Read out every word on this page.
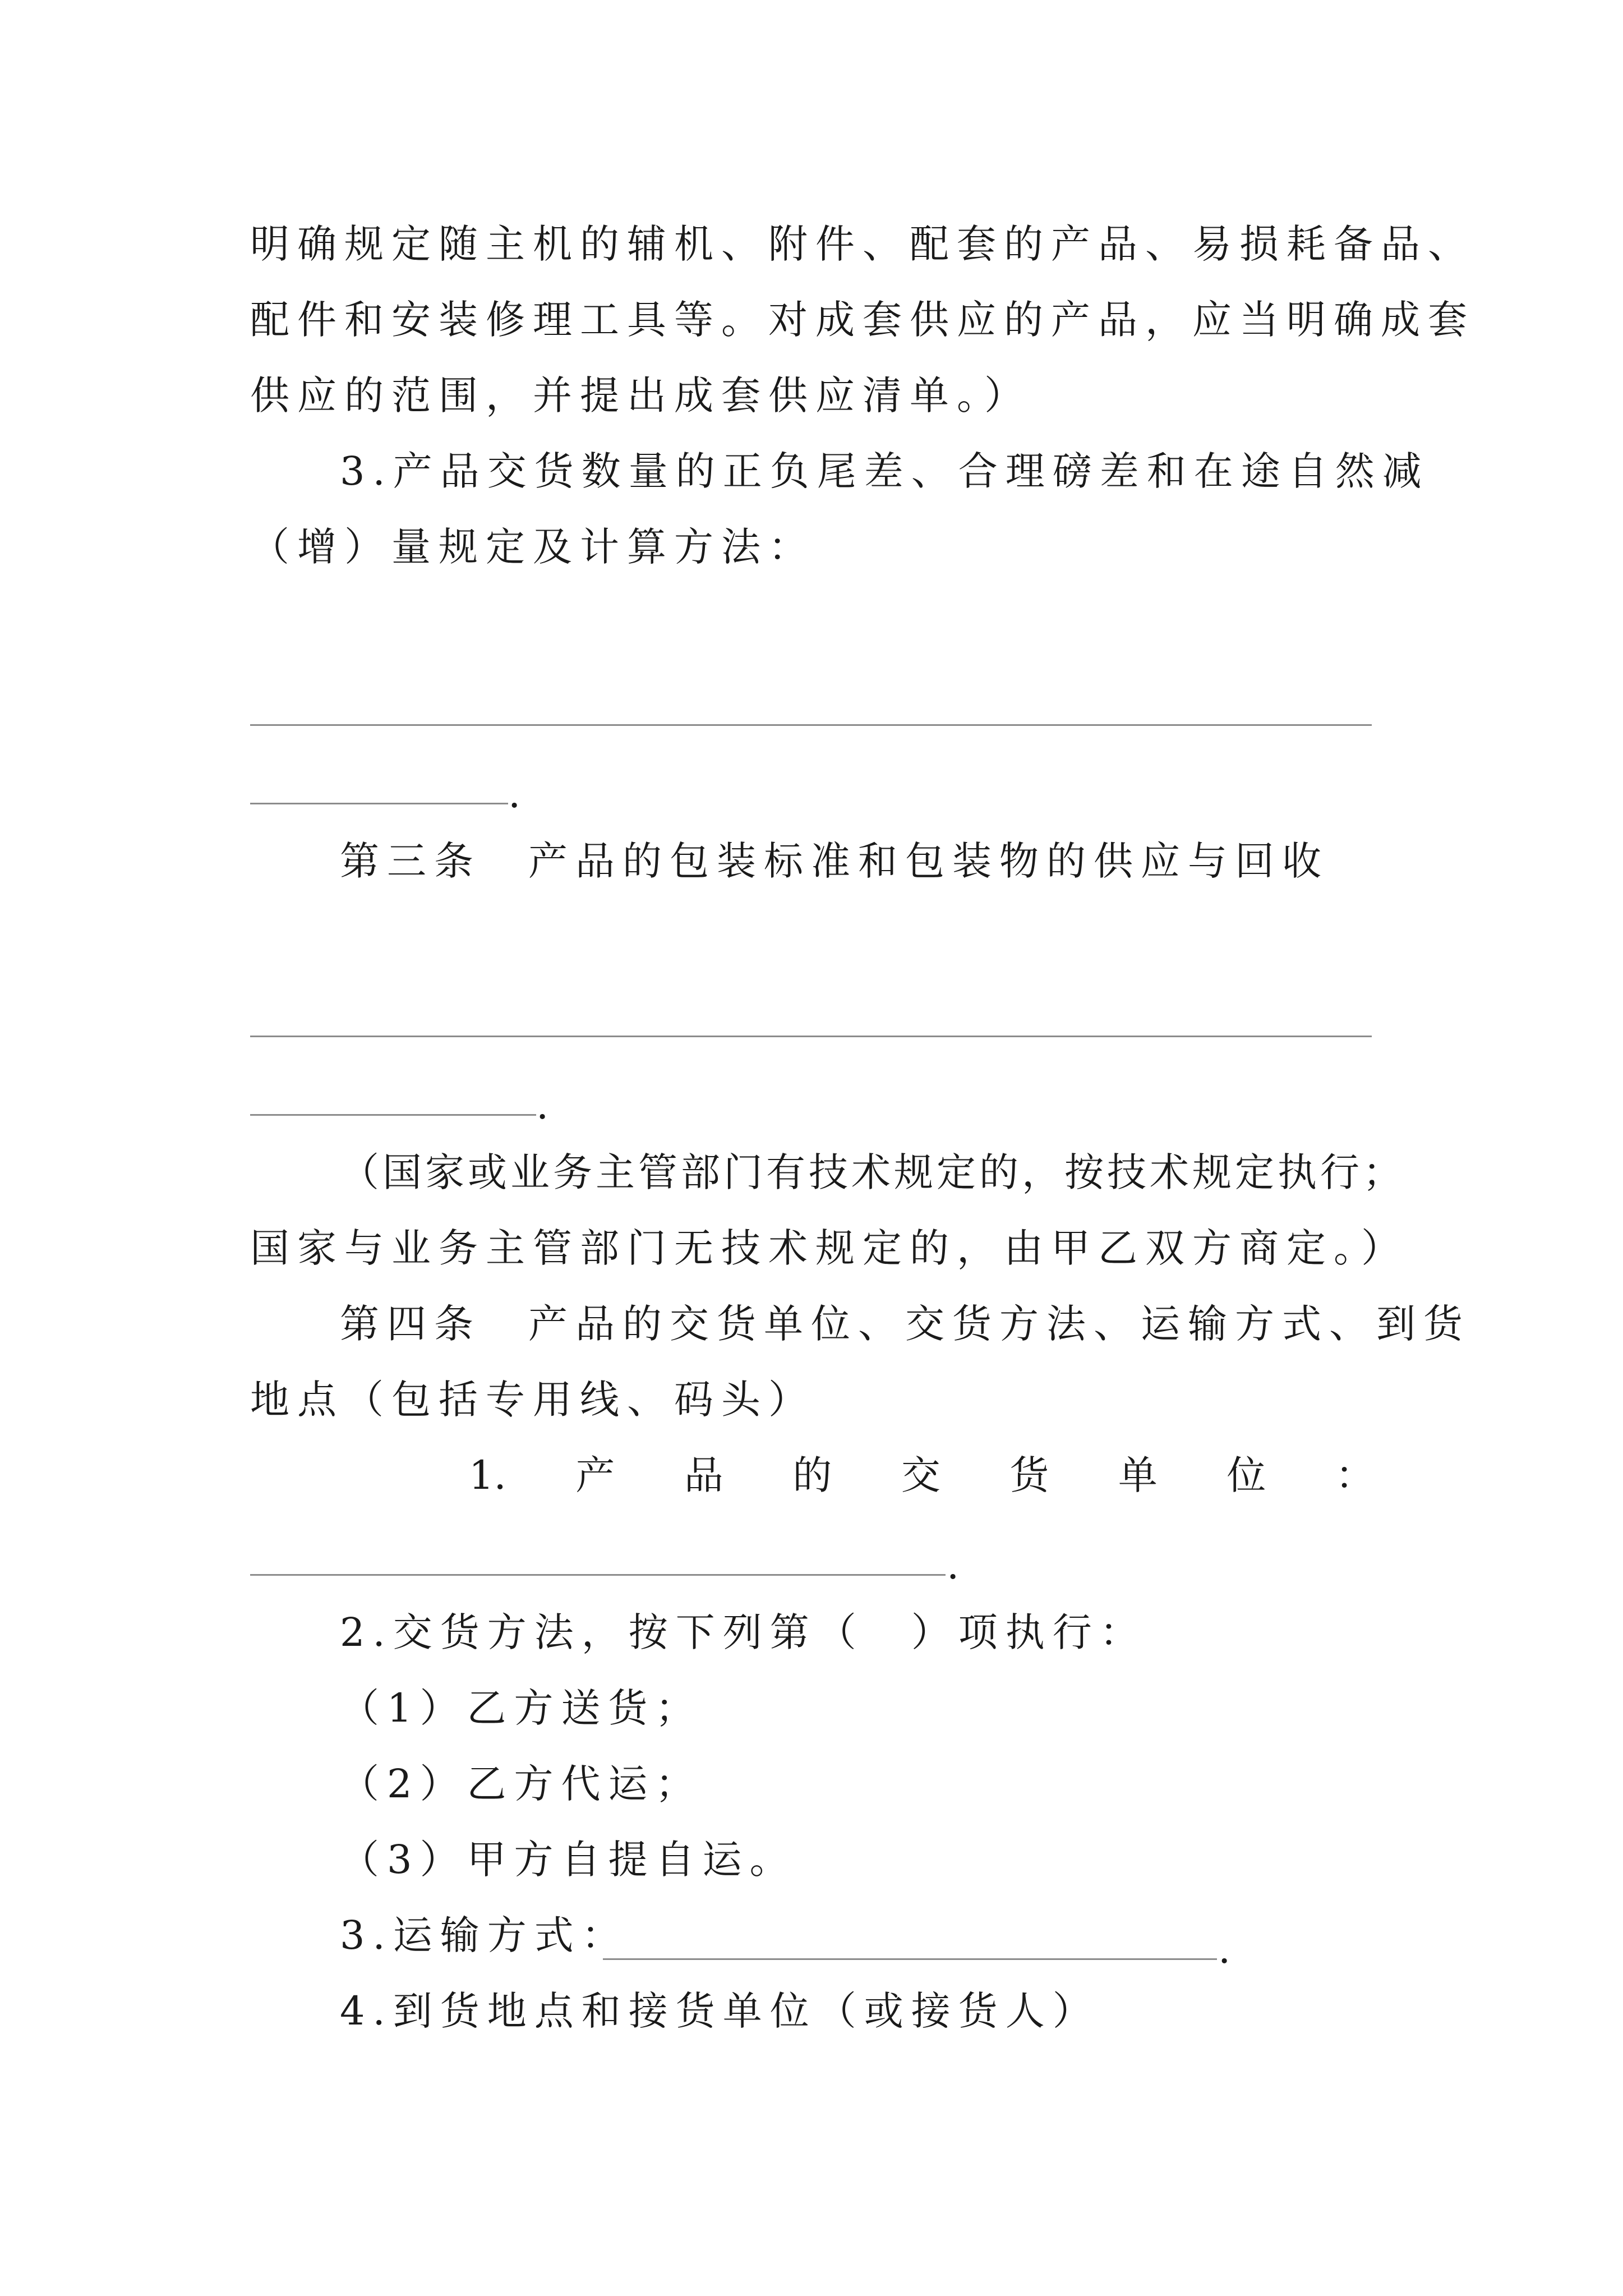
明确规定随主机的辅机、附件、配套的产品、易损耗备品、
配件和安装修理工具等。对成套供应的产品，应当明确成套
供应的范围，并提出成套供应清单。）
3.产品交货数量的正负尾差、合理磅差和在途自然减
（增）量规定及计算方法：
.
第三条　产品的包装标准和包装物的供应与回收
.
（国家或业务主管部门有技术规定的，按技术规定执行；
国家与业务主管部门无技术规定的，由甲乙双方商定。）
第四条　产品的交货单位、交货方法、运输方式、到货
地点（包括专用线、码头）
1. 产 品 的 交 货 单 位 ：
.
2.交货方法，按下列第（　）项执行：
（1）乙方送货；
（2）乙方代运；
（3）甲方自提自运。
3.运输方式：	.
4.到货地点和接货单位（或接货人）
